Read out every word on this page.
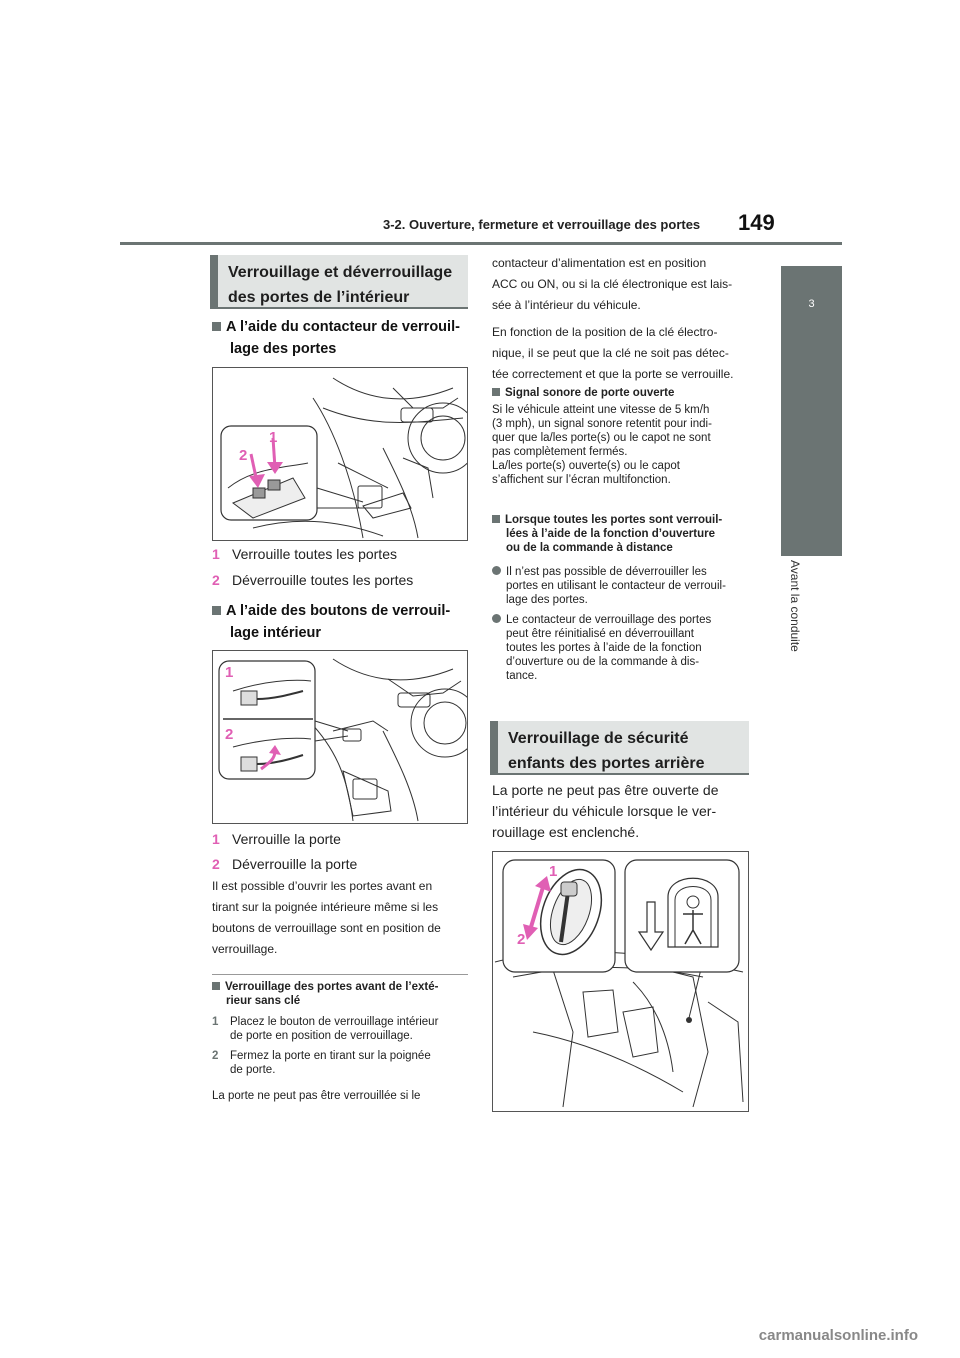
3-2. Ouverture, fermeture et verrouillage des portes 149
3
Avant la conduite
Verrouillage et déverrouillage
des portes de l’intérieur
A l’aide du contacteur de verrouil-
lage des portes
1
2
1 Verrouille toutes les portes
2 Déverrouille toutes les portes
A l’aide des boutons de verrouil-
lage intérieur
1
2
1 Verrouille la porte
2 Déverrouille la porte
Il est possible d’ouvrir les portes avant en
tirant sur la poignée intérieure même si les
boutons de verrouillage sont en position de
verrouillage.
Verrouillage des portes avant de l’exté-
rieur sans clé
1	Placez le bouton de verrouillage intérieur
de porte en position de verrouillage.
2	Fermez la porte en tirant sur la poignée
de porte.
La porte ne peut pas être verrouillée si le
contacteur d’alimentation est en position
ACC ou ON, ou si la clé électronique est lais-
sée à l’intérieur du véhicule.
En fonction de la position de la clé électro-
nique, il se peut que la clé ne soit pas détec-
tée correctement et que la porte se verrouille.
Signal sonore de porte ouverte
Si le véhicule atteint une vitesse de 5 km/h
(3 mph), un signal sonore retentit pour indi-
quer que la/les porte(s) ou le capot ne sont
pas complètement fermés.
La/les porte(s) ouverte(s) ou le capot
s’affichent sur l’écran multifonction.
Lorsque toutes les portes sont verrouil-
lées à l’aide de la fonction d’ouverture
ou de la commande à distance
Il n’est pas possible de déverrouiller les
portes en utilisant le contacteur de verrouil-
lage des portes.
Le contacteur de verrouillage des portes
peut être réinitialisé en déverrouillant
toutes les portes à l’aide de la fonction
d’ouverture ou de la commande à dis-
tance.
Verrouillage de sécurité
enfants des portes arrière
La porte ne peut pas être ouverte de
l’intérieur du véhicule lorsque le ver-
rouillage est enclenché.
1
2
carmanualsonline.info
